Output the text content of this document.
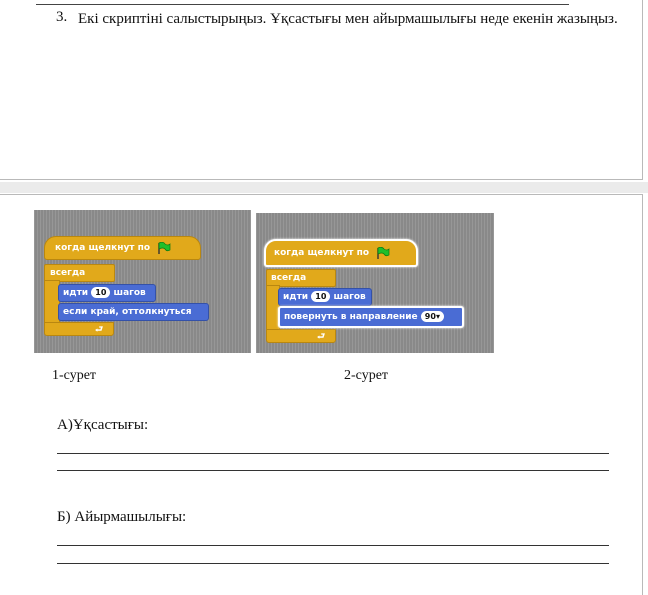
3. Екі скриптіні салыстырыңыз. Ұқсастығы мен айырмашылығы неде екенін жазыңыз.
когда щелкнут по
всегда
⮐
идти 10 шагов
если край, оттолкнуться
когда щелкнут по
всегда
⮐
идти 10 шагов
повернуть в направление 90▾
1-сурет	2-сурет
А)Ұқсастығы:
Б) Айырмашылығы:
